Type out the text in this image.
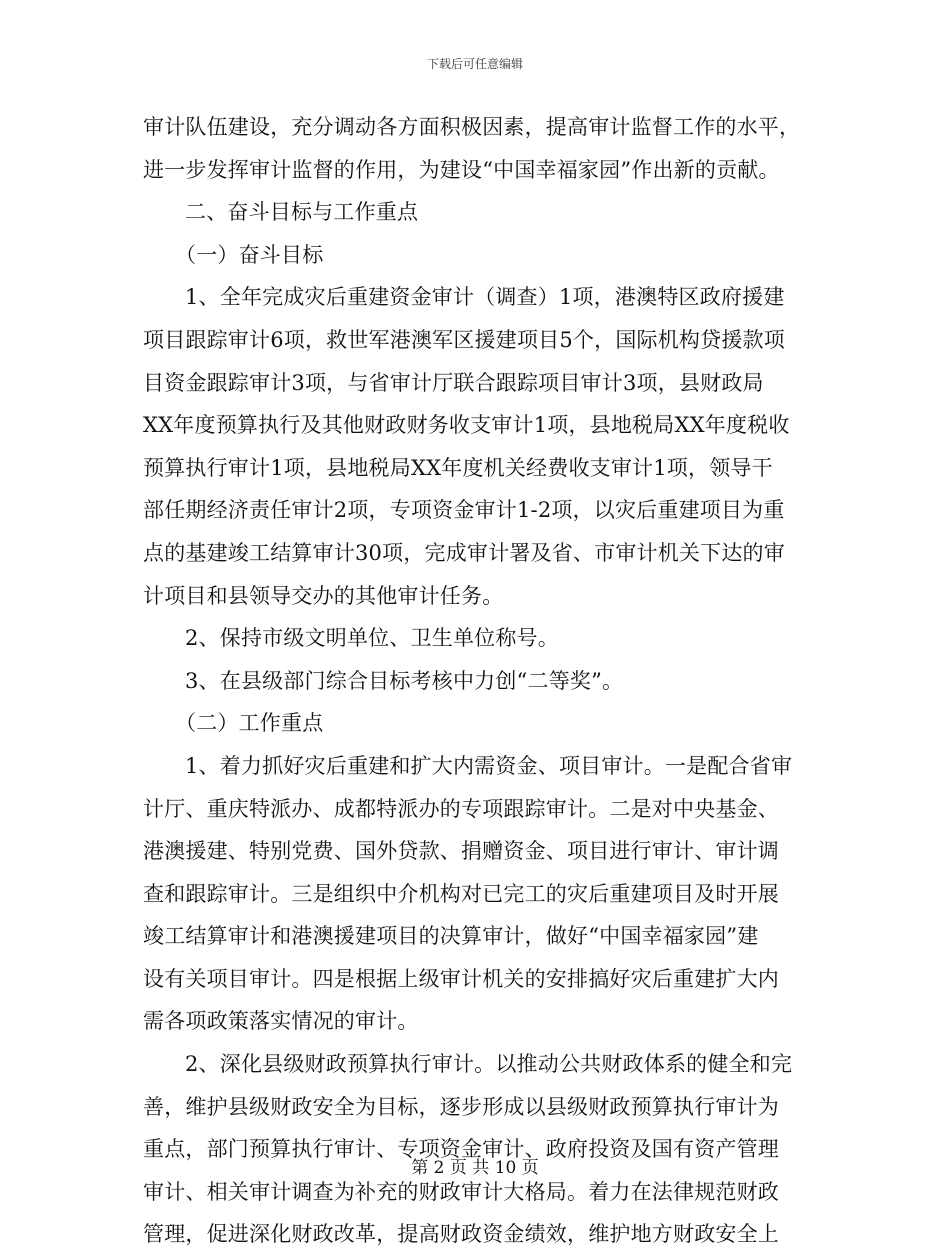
下载后可任意编辑
审计队伍建设，充分调动各方面积极因素，提高审计监督工作的水平，
进一步发挥审计监督的作用，为建设“中国幸福家园”作出新的贡献。
二、奋斗目标与工作重点
（一）奋斗目标
1、全年完成灾后重建资金审计（调查）1项，港澳特区政府援建
项目跟踪审计6项，救世军港澳军区援建项目5个，国际机构贷援款项
目资金跟踪审计3项，与省审计厅联合跟踪项目审计3项，县财政局
XX年度预算执行及其他财政财务收支审计1项，县地税局XX年度税收
预算执行审计1项，县地税局XX年度机关经费收支审计1项，领导干
部任期经济责任审计2项，专项资金审计1-2项，以灾后重建项目为重
点的基建竣工结算审计30项，完成审计署及省、市审计机关下达的审
计项目和县领导交办的其他审计任务。
2、保持市级文明单位、卫生单位称号。
3、在县级部门综合目标考核中力创“二等奖”。
（二）工作重点
1、着力抓好灾后重建和扩大内需资金、项目审计。一是配合省审
计厅、重庆特派办、成都特派办的专项跟踪审计。二是对中央基金、
港澳援建、特别党费、国外贷款、捐赠资金、项目进行审计、审计调
查和跟踪审计。三是组织中介机构对已完工的灾后重建项目及时开展
竣工结算审计和港澳援建项目的决算审计，做好“中国幸福家园”建
设有关项目审计。四是根据上级审计机关的安排搞好灾后重建扩大内
需各项政策落实情况的审计。
2、深化县级财政预算执行审计。以推动公共财政体系的健全和完
善，维护县级财政安全为目标，逐步形成以县级财政预算执行审计为
重点，部门预算执行审计、专项资金审计、政府投资及国有资产管理
审计、相关审计调查为补充的财政审计大格局。着力在法律规范财政
管理，促进深化财政改革，提高财政资金绩效，维护地方财政安全上
第 2 页 共 10 页
